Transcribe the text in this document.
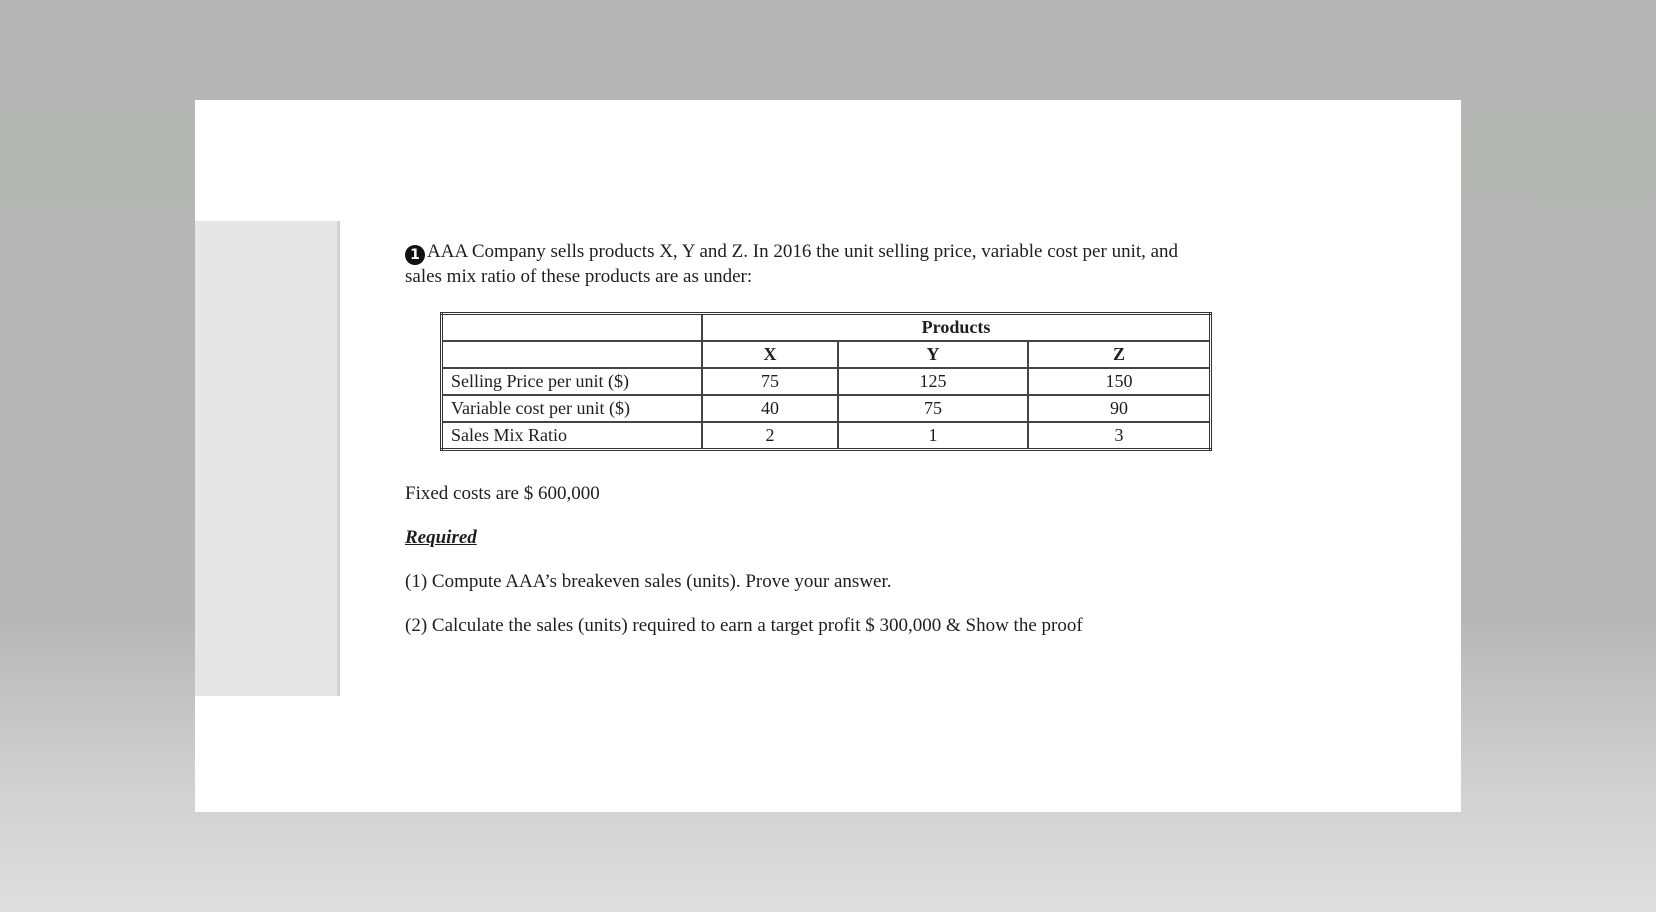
1 AAA Company sells products X, Y and Z. In 2016 the unit selling price, variable cost per unit, and sales mix ratio of these products are as under:

	Products		
	X	Y	Z
Selling Price per unit ($)	75	125	150
Variable cost per unit ($)	40	75	90
Sales Mix Ratio	2	1	3

Fixed costs are $ 600,000

Required

(1) Compute AAA’s breakeven sales (units). Prove your answer.

(2) Calculate the sales (units) required to earn a target profit $ 300,000 & Show the proof
